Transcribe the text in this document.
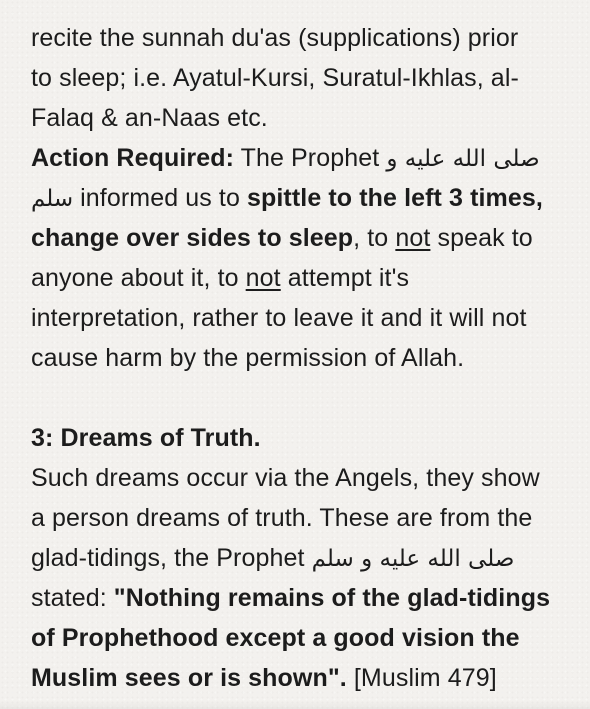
recite the sunnah du'as (supplications) prior
to sleep; i.e. Ayatul-Kursi, Suratul-Ikhlas, al-
Falaq & an-Naas etc.
Action Required: The Prophet صلى الله عليه و
سلم informed us to spittle to the left 3 times,
change over sides to sleep, to not speak to
anyone about it, to not attempt it's
interpretation, rather to leave it and it will not
cause harm by the permission of Allah.
3: Dreams of Truth.
Such dreams occur via the Angels, they show
a person dreams of truth. These are from the
glad-tidings, the Prophet صلى الله عليه و سلم
stated: "Nothing remains of the glad-tidings
of Prophethood except a good vision the
Muslim sees or is shown". [Muslim 479]
